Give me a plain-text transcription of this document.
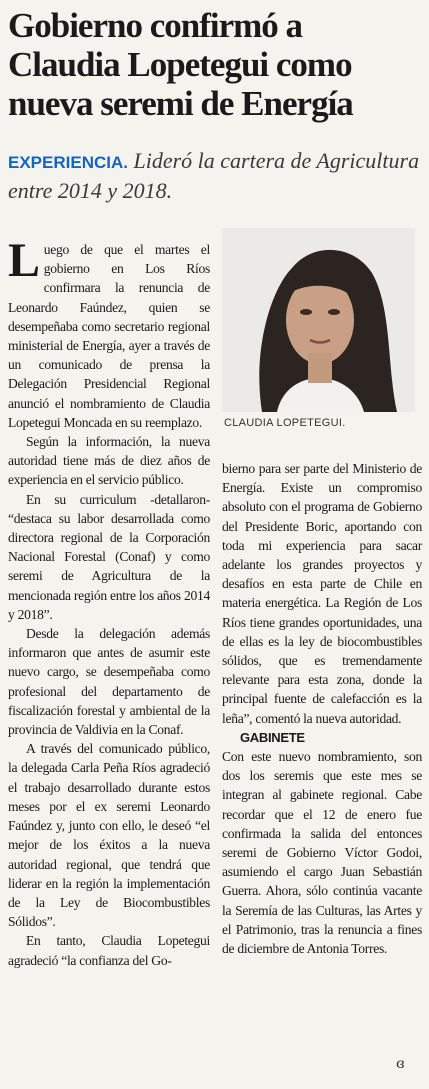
Gobierno confirmó a
Claudia Lopetegui como
nueva seremi de Energía
EXPERIENCIA. Lideró la cartera de Agricultura entre 2014 y 2018.

Luego de que el martes el gobierno en Los Ríos confirmara la renuncia de Leonardo Faúndez, quien se desempeñaba como secretario regional ministerial de Energía, ayer a través de un comunicado de prensa la Delegación Presidencial Regional anunció el nombramiento de Claudia Lopetegui Moncada en su reemplazo.

Según la información, la nueva autoridad tiene más de diez años de experiencia en el servicio público.

En su curriculum -detallaron- “destaca su labor desarrollada como directora regional de la Corporación Nacional Forestal (Conaf) y como seremi de Agricultura de la mencionada región entre los años 2014 y 2018”.

Desde la delegación además informaron que antes de asumir este nuevo cargo, se desempeñaba como profesional del departamento de fiscalización forestal y ambiental de la provincia de Valdivia en la Conaf.

A través del comunicado público, la delegada Carla Peña Ríos agradeció el trabajo desarrollado durante estos meses por el ex seremi Leonardo Faúndez y, junto con ello, le deseó “el mejor de los éxitos a la nueva autoridad regional, que tendrá que liderar en la región la implementación de la Ley de Biocombustibles Sólidos”.

En tanto, Claudia Lopetegui agradeció “la confianza del Go-

CLAUDIA LOPETEGUI.

bierno para ser parte del Ministerio de Energía. Existe un compromiso absoluto con el programa de Gobierno del Presidente Boric, aportando con toda mi experiencia para sacar adelante los grandes proyectos y desafíos en esta parte de Chile en materia energética. La Región de Los Ríos tiene grandes oportunidades, una de ellas es la ley de biocombustibles sólidos, que es tremendamente relevante para esta zona, donde la principal fuente de calefacción es la leña”, comentó la nueva autoridad.

GABINETE

Con este nuevo nombramiento, son dos los seremis que este mes se integran al gabinete regional. Cabe recordar que el 12 de enero fue confirmada la salida del entonces seremi de Gobierno Víctor Godoi, asumiendo el cargo Juan Sebastián Guerra. Ahora, sólo continúa vacante la Seremía de las Culturas, las Artes y el Patrimonio, tras la renuncia a fines de diciembre de Antonia Torres.

ɞ
